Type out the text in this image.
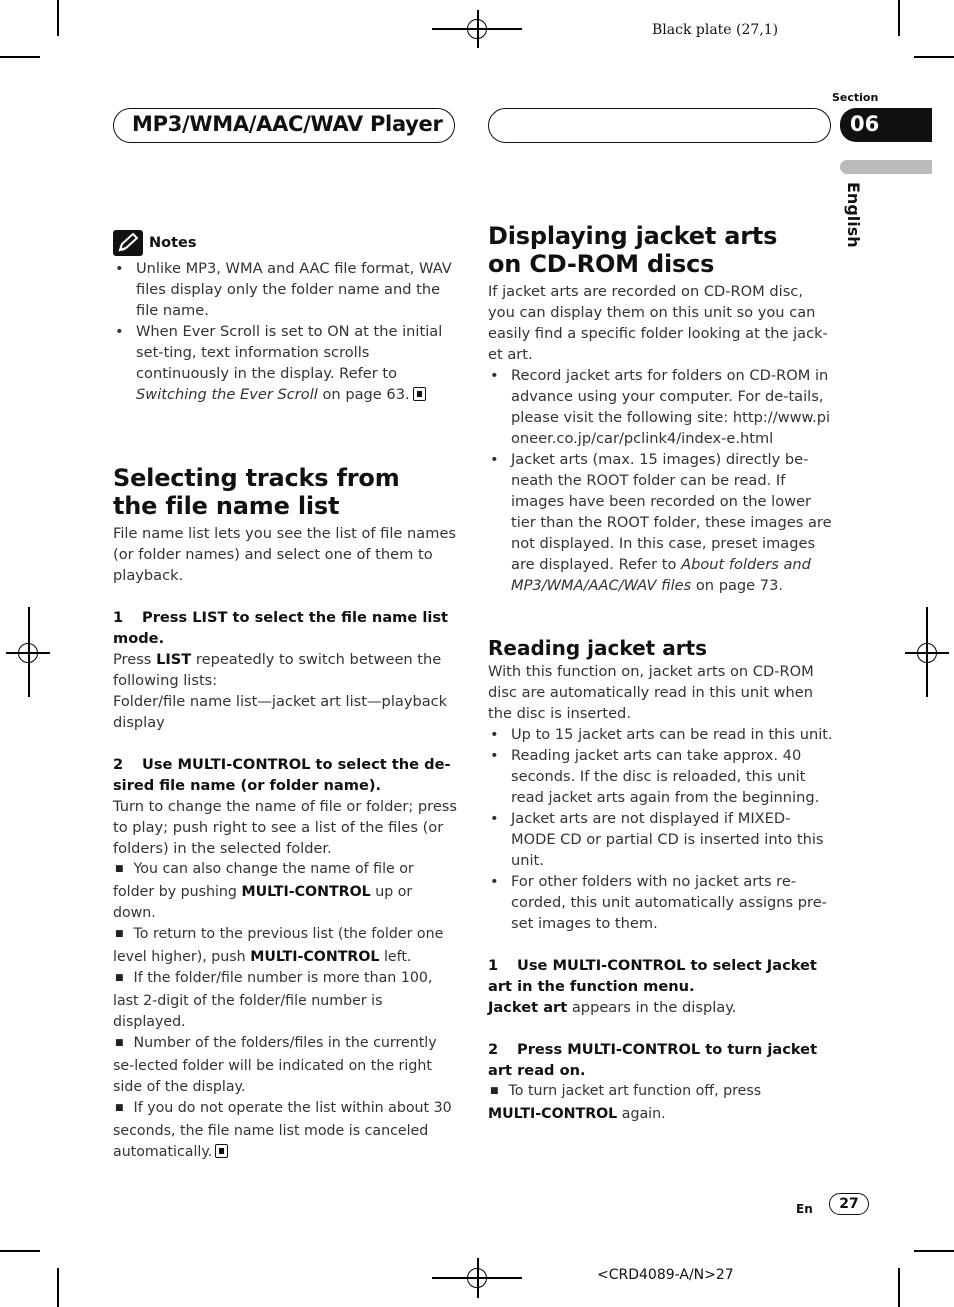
Black plate (27,1)
MP3/WMA/AAC/WAV Player
Section
06
English
Notes
• Unlike MP3, WMA and AAC file format, WAV files display only the folder name and the file name.
• When Ever Scroll is set to ON at the initial set-ting, text information scrolls continuously in the display. Refer to Switching the Ever Scroll on page 63.
Selecting tracks from the file name list

File name list lets you see the list of file names (or folder names) and select one of them to playback.

1 Press LIST to select the file name list mode.

Press LIST repeatedly to switch between the following lists:

Folder/file name list—jacket art list—playback display

2 Use MULTI-CONTROL to select the de-sired file name (or folder name).

Turn to change the name of file or folder; press to play; push right to see a list of the files (or folders) in the selected folder.

■ You can also change the name of file or folder by pushing MULTI-CONTROL up or down.

■ To return to the previous list (the folder one level higher), push MULTI-CONTROL left.

■ If the folder/file number is more than 100, last 2-digit of the folder/file number is displayed.

■ Number of the folders/files in the currently se-lected folder will be indicated on the right side of the display.

■ If you do not operate the list within about 30 seconds, the file name list mode is canceled automatically.

Displaying jacket arts on CD-ROM discs

If jacket arts are recorded on CD-ROM disc, you can display them on this unit so you can easily find a specific folder looking at the jack-et art.

• Record jacket arts for folders on CD-ROM in advance using your computer. For de-tails, please visit the following site: http://www.pioneer.co.jp/car/pclink4/index-e.html
• Jacket arts (max. 15 images) directly be-neath the ROOT folder can be read. If images have been recorded on the lower tier than the ROOT folder, these images are not displayed. In this case, preset images are displayed. Refer to About folders and MP3/WMA/AAC/WAV files on page 73.
Reading jacket arts

With this function on, jacket arts on CD-ROM disc are automatically read in this unit when the disc is inserted.

• Up to 15 jacket arts can be read in this unit.
• Reading jacket arts can take approx. 40 seconds. If the disc is reloaded, this unit read jacket arts again from the beginning.
• Jacket arts are not displayed if MIXED-MODE CD or partial CD is inserted into this unit.
• For other folders with no jacket arts re-corded, this unit automatically assigns pre-set images to them.

1 Use MULTI-CONTROL to select Jacket art in the function menu.

Jacket art appears in the display.

2 Press MULTI-CONTROL to turn jacket art read on.

■ To turn jacket art function off, press
MULTI-CONTROL again.

En	27
<CRD4089-A/N>27
